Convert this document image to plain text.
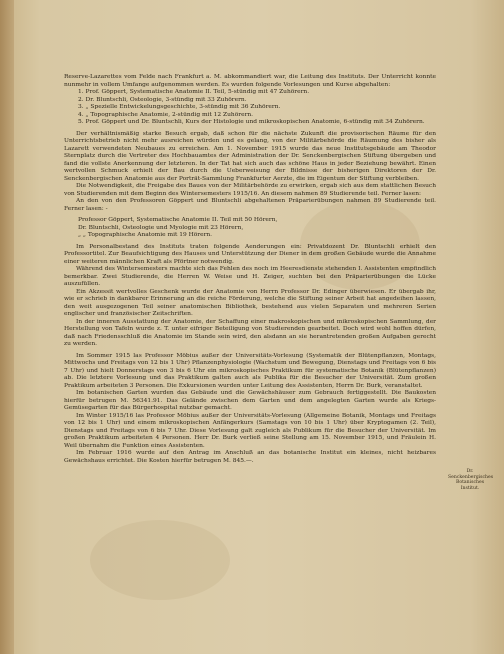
Reserve-Lazarettes vom Felde nach Frankfurt a. M. abkommandiert war, die Leitung des Instituts. Der Unterricht konnte nunmehr in vollem Umfange aufgenommen werden. Es wurden folgende Vorlesungen und Kurse abgehalten:

1. Prof. Göppert, Systematische Anatomie II. Teil, 5-stündig mit 47 Zuhörern.

2. Dr. Bluntschli, Osteologie, 3-stündig mit 33 Zuhörern.

3. „ Spezielle Entwickelungsgeschichte, 3-stündig mit 36 Zuhörern.

4. „ Topographische Anatomie, 2-stündig mit 12 Zuhörern.

5. Prof. Göppert und Dr. Bluntschli, Kurs der Histologie und mikroskopischen Anatomie, 6-stündig mit 34 Zuhörern.

Der verhältnismäßig starke Besuch ergab, daß schon für die nächste Zukunft die provisorischen Räume für den Unterrichtsbetrieb nicht mehr ausreichen würden und es gelang, von der Militärbehörde die Räumung des bisher als Lazarett verwendeten Neubaues zu erreichen. Am 1. November 1915 wurde das neue Institutsgebäude am Theodor Sternplatz durch die Vertreter des Hochbauamtes der Administration der Dr. Senckenbergischen Stiftung übergeben und fand die vollste Anerkennung der letzteren. In der Tat hat sich auch das schöne Haus in jeder Beziehung bewährt. Einen wertvollen Schmuck erhielt der Bau durch die Ueberweisung der Bildnisse der bisherigen Direktoren der Dr. Senckenbergischen Anatomie aus der Porträt-Sammlung Frankfurter Aerzte, die im Eigentum der Stiftung verbleiben.

Die Notwendigkeit, die Freigabe des Baues von der Militärbehörde zu erwirken, ergab sich aus dem stattlichen Besuch von Studierenden mit dem Beginn des Wintersemesters 1915/16. An diesem nahmen 89 Studierende teil. Ferner lasen:

An den von den Professoren Göppert und Bluntschli abgehaltenen Präparierübungen nahmen 89 Studierende teil. Ferner lasen: -

Professor Göppert, Systematische Anatomie II. Teil mit 50 Hörern,

Dr. Bluntschli, Osteologie und Myologie mit 23 Hörern,

„ „ Topographische Anatomie mit 19 Hörern.

Im Personalbestand des Instituts traten folgende Aenderungen ein: Privatdozent Dr. Bluntschli erhielt den Professortitel. Zur Beaufsichtigung des Hauses und Unterstützung der Diener in dem großen Gebäude wurde die Annahme einer weiteren männlichen Kraft als Pförtner notwendig.

Während des Wintersemesters machte sich das Fehlen des noch im Heeresdienste stehenden I. Assistenten empfindlich bemerkbar. Zwei Studierende, die Herren W. Weise und H. Zeiger, suchten bei den Präparierübungen die Lücke auszufüllen.

Ein Akzessit wertvolles Geschenk wurde der Anatomie von Herrn Professor Dr. Edinger überwiesen. Er übergab ihr, wie er schrieb in dankbarer Erinnerung an die reiche Förderung, welche die Stiftung seiner Arbeit hat angedeihen lassen, den weit ausgezogenen Teil seiner anatomischen Bibliothek, bestehend aus vielen Separaten und mehreren Serien englischer und französischer Zeitschriften.

In der inneren Ausstattung der Anatomie, der Schaffung einer makroskopischen und mikroskopischen Sammlung, der Herstellung von Tafeln wurde z. T. unter eifriger Beteiligung von Studierenden gearbeitet. Doch wird wohl hoffen dürfen, daß nach Friedensschluß die Anatomie im Stande sein wird, den alsdann an sie herantretenden großen Aufgaben gerecht zu werden.

Im Sommer 1915 las Professor Möbius außer der Universitäts-Vorlesung (Systematik der Blütenpflanzen, Montags, Mittwochs und Freitags von 12 bis 1 Uhr) Pflanzenphysiologie (Wachstum und Bewegung, Dienstags und Freitags von 6 bis 7 Uhr) und hielt Donnerstags von 3 bis 6 Uhr ein mikroskopisches Praktikum für systematische Botanik (Blütenpflanzen) ab. Die letztere Vorlesung und das Praktikum galten auch als Publika für die Besucher der Universität. Zum großen Praktikum arbeiteten 3 Personen. Die Exkursionen wurden unter Leitung des Assistenten, Herrn Dr. Burk, veranstaltet.

Im botanischen Garten wurden das Gebäude und die Gewächshäuser zum Gebrauch fertiggestellt. Die Baukosten hierfür betrugen M. 56341.91. Das Gelände zwischen dem Garten und dem angelegten Garten wurde als Kriegs-Gemüsegarten für das Bürgerhospital nutzbar gemacht.

Im Winter 1915/16 las Professor Möbius außer der Universitäts-Vorlesung (Allgemeine Botanik, Montags und Freitags von 12 bis 1 Uhr) und einem mikroskopischen Anfängerkurs (Samstags von 10 bis 1 Uhr) über Kryptogamen (2. Teil), Dienstags und Freitags von 6 bis 7 Uhr. Diese Vorlesung galt zugleich als Publikum für die Besucher der Universität. Im großen Praktikum arbeiteten 4 Personen. Herr Dr. Burk verließ seine Stellung am 15. November 1915, und Fräulein H. Weil übernahm die Funktion eines Assistenten.

Im Februar 1916 wurde auf den Antrag im Anschluß an das botanische Institut ein kleines, nicht heizbares Gewächshaus errichtet. Die Kosten hierfür betrugen M. 845.—.

Dr. Senckenbergisches Botanisches Institut.
